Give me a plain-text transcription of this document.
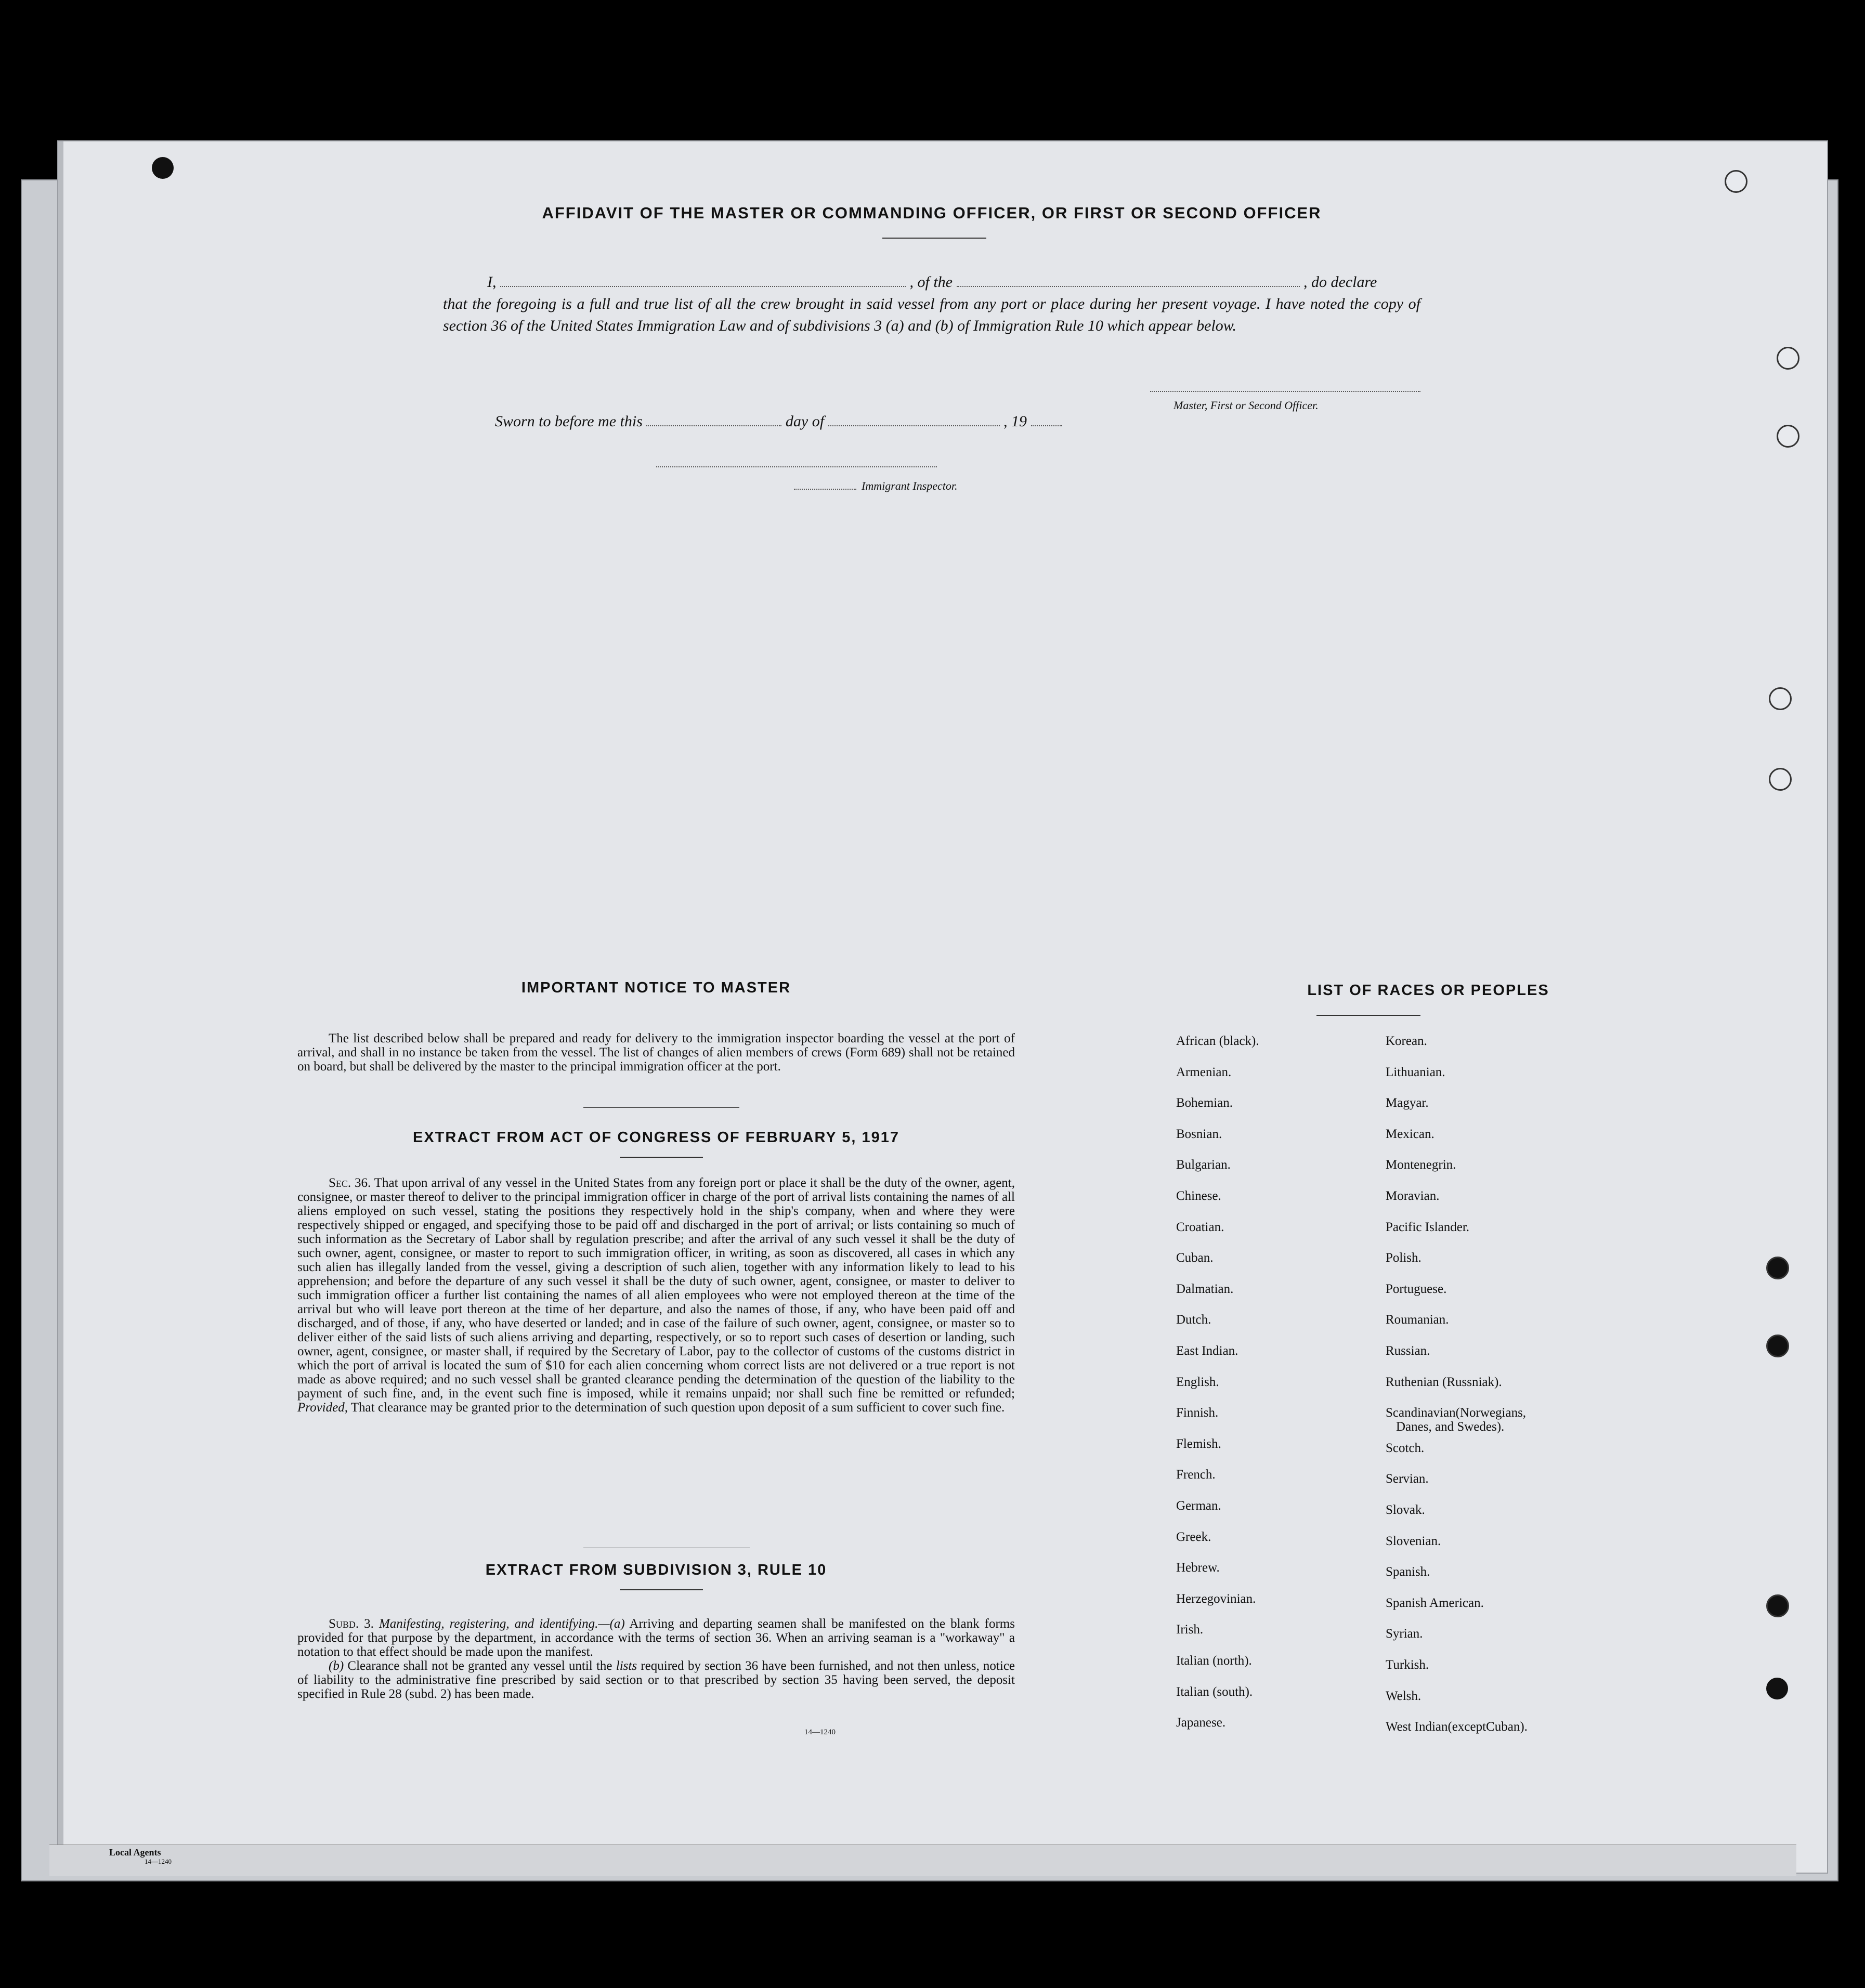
AFFIDAVIT OF THE MASTER OR COMMANDING OFFICER, OR FIRST OR SECOND OFFICER
I,	, of the	, do declare
that the foregoing is a full and true list of all the crew brought in said vessel from any port or place during her present voyage. I have noted the copy of section 36 of the United States Immigration Law and of subdivisions 3 (a) and (b) of Immigration Rule 10 which appear below.
Master, First or Second Officer.
Sworn to before me this	day of	, 19
Immigrant Inspector.
IMPORTANT NOTICE TO MASTER
The list described below shall be prepared and ready for delivery to the immigration inspector boarding the vessel at the port of arrival, and shall in no instance be taken from the vessel. The list of changes of alien members of crews (Form 689) shall not be retained on board, but shall be delivered by the master to the principal immigration officer at the port.
EXTRACT FROM ACT OF CONGRESS OF FEBRUARY 5, 1917
Sec. 36. That upon arrival of any vessel in the United States from any foreign port or place it shall be the duty of the owner, agent, consignee, or master thereof to deliver to the principal immigration officer in charge of the port of arrival lists containing the names of all aliens employed on such vessel, stating the positions they respectively hold in the ship's company, when and where they were respectively shipped or engaged, and specifying those to be paid off and discharged in the port of arrival; or lists containing so much of such information as the Secretary of Labor shall by regulation prescribe; and after the arrival of any such vessel it shall be the duty of such owner, agent, consignee, or master to report to such immigration officer, in writing, as soon as discovered, all cases in which any such alien has illegally landed from the vessel, giving a description of such alien, together with any information likely to lead to his apprehension; and before the departure of any such vessel it shall be the duty of such owner, agent, consignee, or master to deliver to such immigration officer a further list containing the names of all alien employees who were not employed thereon at the time of the arrival but who will leave port thereon at the time of her departure, and also the names of those, if any, who have been paid off and discharged, and of those, if any, who have deserted or landed; and in case of the failure of such owner, agent, consignee, or master so to deliver either of the said lists of such aliens arriving and departing, respectively, or so to report such cases of desertion or landing, such owner, agent, consignee, or master shall, if required by the Secretary of Labor, pay to the collector of customs of the customs district in which the port of arrival is located the sum of $10 for each alien concerning whom correct lists are not delivered or a true report is not made as above required; and no such vessel shall be granted clearance pending the determination of the question of the liability to the payment of such fine, and, in the event such fine is imposed, while it remains unpaid; nor shall such fine be remitted or refunded; Provided, That clearance may be granted prior to the determination of such question upon deposit of a sum sufficient to cover such fine.
EXTRACT FROM SUBDIVISION 3, RULE 10
Subd. 3. Manifesting, registering, and identifying.—(a) Arriving and departing seamen shall be manifested on the blank forms provided for that purpose by the department, in accordance with the terms of section 36. When an arriving seaman is a "workaway" a notation to that effect should be made upon the manifest.
(b) Clearance shall not be granted any vessel until the lists required by section 36 have been furnished, and not then unless, notice of liability to the administrative fine prescribed by said section or to that prescribed by section 35 having been served, the deposit specified in Rule 28 (subd. 2) has been made.
14—1240
LIST OF RACES OR PEOPLES
African (black).
Armenian.
Bohemian.
Bosnian.
Bulgarian.
Chinese.
Croatian.
Cuban.
Dalmatian.
Dutch.
East Indian.
English.
Finnish.
Flemish.
French.
German.
Greek.
Hebrew.
Herzegovinian.
Irish.
Italian (north).
Italian (south).
Japanese.
Korean.
Lithuanian.
Magyar.
Mexican.
Montenegrin.
Moravian.
Pacific Islander.
Polish.
Portuguese.
Roumanian.
Russian.
Ruthenian (Russniak).
Scandinavian(Norwegians,
Danes, and Swedes).
Scotch.
Servian.
Slovak.
Slovenian.
Spanish.
Spanish American.
Syrian.
Turkish.
Welsh.
West Indian(exceptCuban).
Local Agents
14—1240
